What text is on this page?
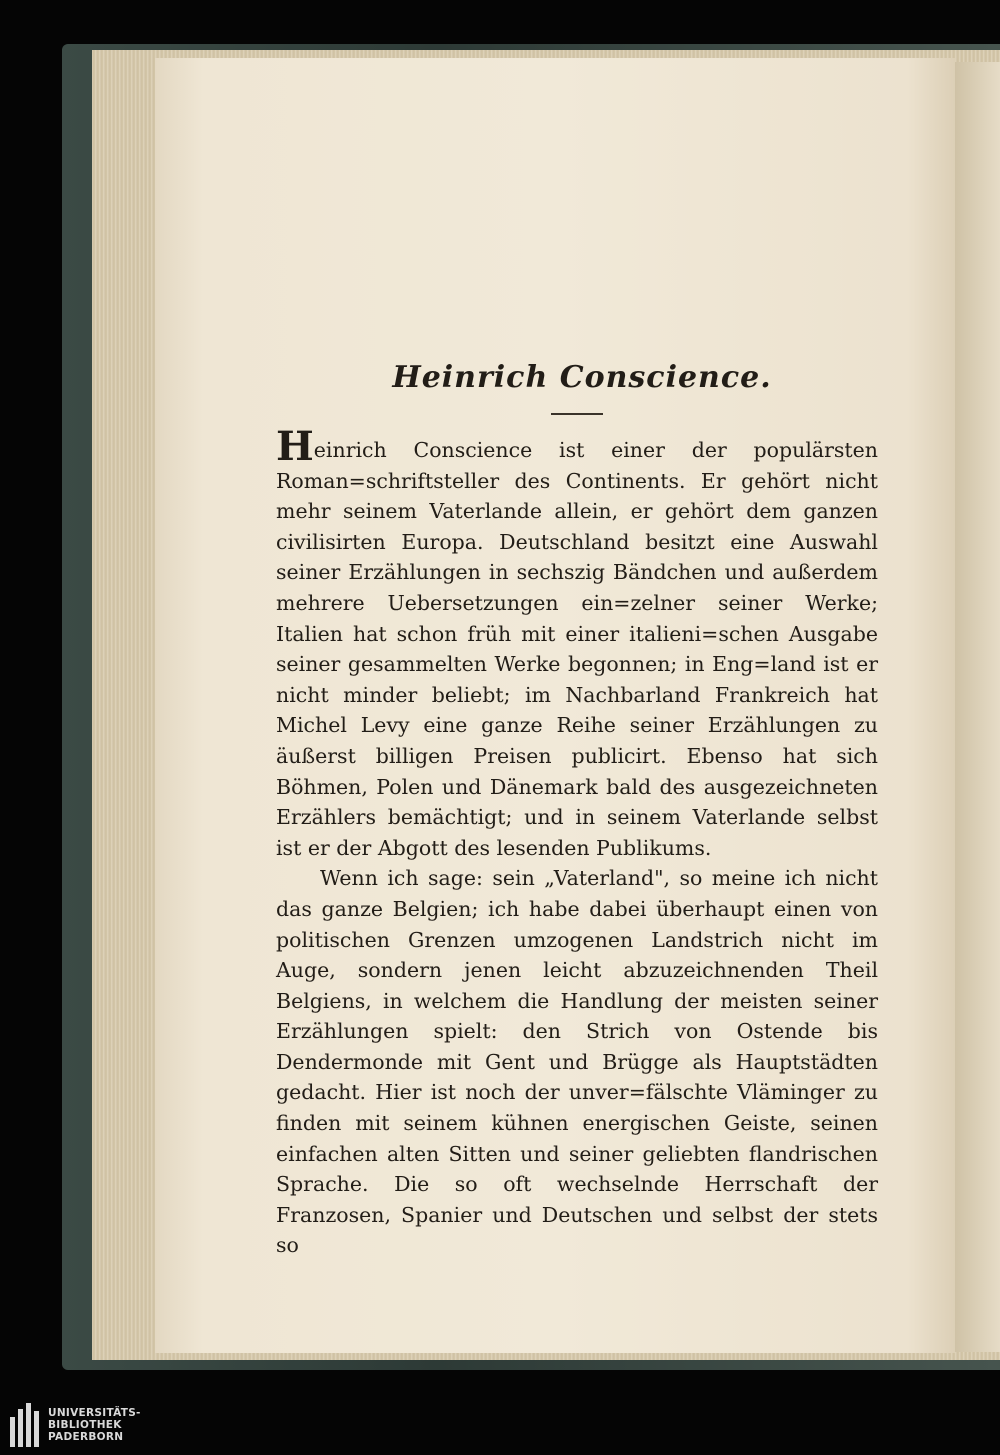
Heinrich Conscience.

Heinrich Conscience ist einer der populärsten Roman=schriftsteller des Continents. Er gehört nicht mehr seinem Vaterlande allein, er gehört dem ganzen civilisirten Europa. Deutschland besitzt eine Auswahl seiner Erzählungen in sechszig Bändchen und außerdem mehrere Uebersetzungen ein=zelner seiner Werke; Italien hat schon früh mit einer italieni=schen Ausgabe seiner gesammelten Werke begonnen; in Eng=land ist er nicht minder beliebt; im Nachbarland Frankreich hat Michel Levy eine ganze Reihe seiner Erzählungen zu äußerst billigen Preisen publicirt. Ebenso hat sich Böhmen, Polen und Dänemark bald des ausgezeichneten Erzählers bemächtigt; und in seinem Vaterlande selbst ist er der Abgott des lesenden Publikums.

Wenn ich sage: sein „Vaterland", so meine ich nicht das ganze Belgien; ich habe dabei überhaupt einen von politischen Grenzen umzogenen Landstrich nicht im Auge, sondern jenen leicht abzuzeichnenden Theil Belgiens, in welchem die Handlung der meisten seiner Erzählungen spielt: den Strich von Ostende bis Dendermonde mit Gent und Brügge als Hauptstädten gedacht. Hier ist noch der unver=fälschte Vläminger zu finden mit seinem kühnen energischen Geiste, seinen einfachen alten Sitten und seiner geliebten flandrischen Sprache. Die so oft wechselnde Herrschaft der Franzosen, Spanier und Deutschen und selbst der stets so

UNIVERSITÄTS-
BIBLIOTHEK
PADERBORN
